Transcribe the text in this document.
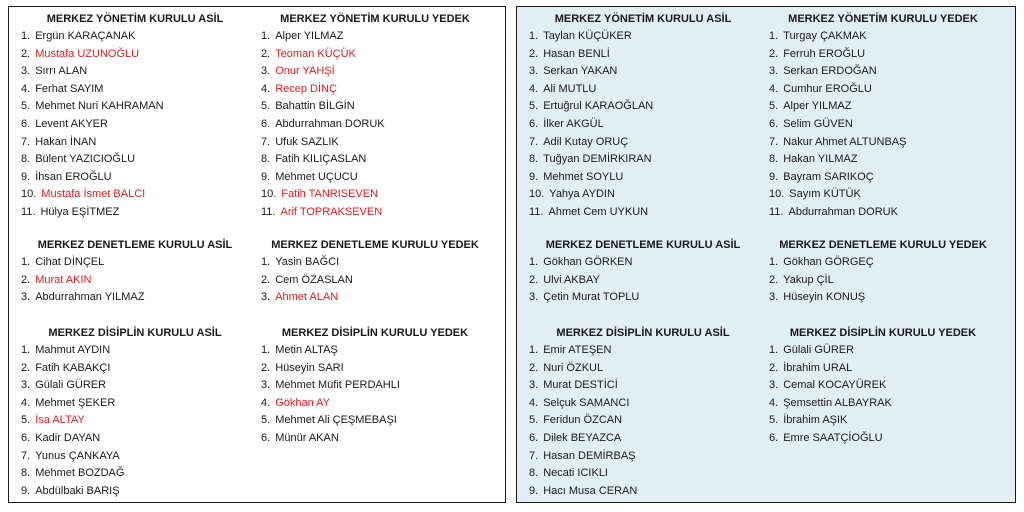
MERKEZ YÖNETİM KURULU ASİL
1. Ergün KARAÇANAK
2. Mustafa UZUNOĞLU
3. Sırrı ALAN
4. Ferhat SAYIM
5. Mehmet Nuri KAHRAMAN
6. Levent AKYER
7. Hakan İNAN
8. Bülent YAZICIOĞLU
9. İhsan EROĞLU
10. Mustafa İsmet BALCI
11. Hülya EŞİTMEZ
MERKEZ DENETLEME KURULU ASİL
1. Cihat DİNÇEL
2. Murat AKIN
3. Abdurrahman YILMAZ
MERKEZ DİSİPLİN KURULU ASİL
1. Mahmut AYDIN
2. Fatih KABAKÇI
3. Gülali GÜRER
4. Mehmet ŞEKER
5. İsa ALTAY
6. Kadir DAYAN
7. Yunus ÇANKAYA
8. Mehmet BOZDAĞ
9. Abdülbaki BARIŞ
MERKEZ YÖNETİM KURULU YEDEK
1. Alper YILMAZ
2. Teoman KÜÇÜK
3. Onur YAHŞİ
4. Recep DİNÇ
5. Bahattin BİLGİN
6. Abdurrahman DORUK
7. Ufuk SAZLIK
8. Fatih KILIÇASLAN
9. Mehmet UÇUCU
10. Fatih TANRISEVEN
11. Arif TOPRAKSEVEN
MERKEZ DENETLEME KURULU YEDEK
1. Yasin BAĞCI
2. Cem ÖZASLAN
3. Ahmet ALAN
MERKEZ DİSİPLİN KURULU YEDEK
1. Metin ALTAŞ
2. Hüseyin SARI
3. Mehmet Müfit PERDAHLI
4. Gökhan AY
5. Mehmet Ali ÇEŞMEBAŞI
6. Münür AKAN
MERKEZ YÖNETİM KURULU ASİL
1. Taylan KÜÇÜKER
2. Hasan BENLİ
3. Serkan YAKAN
4. Ali MUTLU
5. Ertuğrul KARAOĞLAN
6. İlker AKGÜL
7. Adil Kutay ORUÇ
8. Tuğyan DEMİRKIRAN
9. Mehmet SOYLU
10. Yahya AYDIN
11. Ahmet Cem UYKUN
MERKEZ DENETLEME KURULU ASİL
1. Gökhan GÖRKEN
2. Ulvi AKBAY
3. Çetin Murat TOPLU
MERKEZ DİSİPLİN KURULU ASİL
1. Emir ATEŞEN
2. Nuri ÖZKUL
3. Murat DESTİCİ
4. Selçuk SAMANCI
5. Feridun ÖZCAN
6. Dilek BEYAZCA
7. Hasan DEMİRBAŞ
8. Necati ICIKLI
9. Hacı Musa CERAN
MERKEZ YÖNETİM KURULU YEDEK
1. Turgay ÇAKMAK
2. Ferruh EROĞLU
3. Serkan ERDOĞAN
4. Cumhur EROĞLU
5. Alper YILMAZ
6. Selim GÜVEN
7. Nakur Ahmet ALTUNBAŞ
8. Hakan YILMAZ
9. Bayram SARIKOÇ
10. Sayım KÜTÜK
11. Abdurrahman DORUK
MERKEZ DENETLEME KURULU YEDEK
1. Gökhan GÖRGEÇ
2. Yakup ÇİL
3. Hüseyin KONUŞ
MERKEZ DİSİPLİN KURULU YEDEK
1. Gülali GÜRER
2. İbrahim URAL
3. Cemal KOCAYÜREK
4. Şemsettin ALBAYRAK
5. İbrahim AŞIK
6. Emre SAATÇİOĞLU
